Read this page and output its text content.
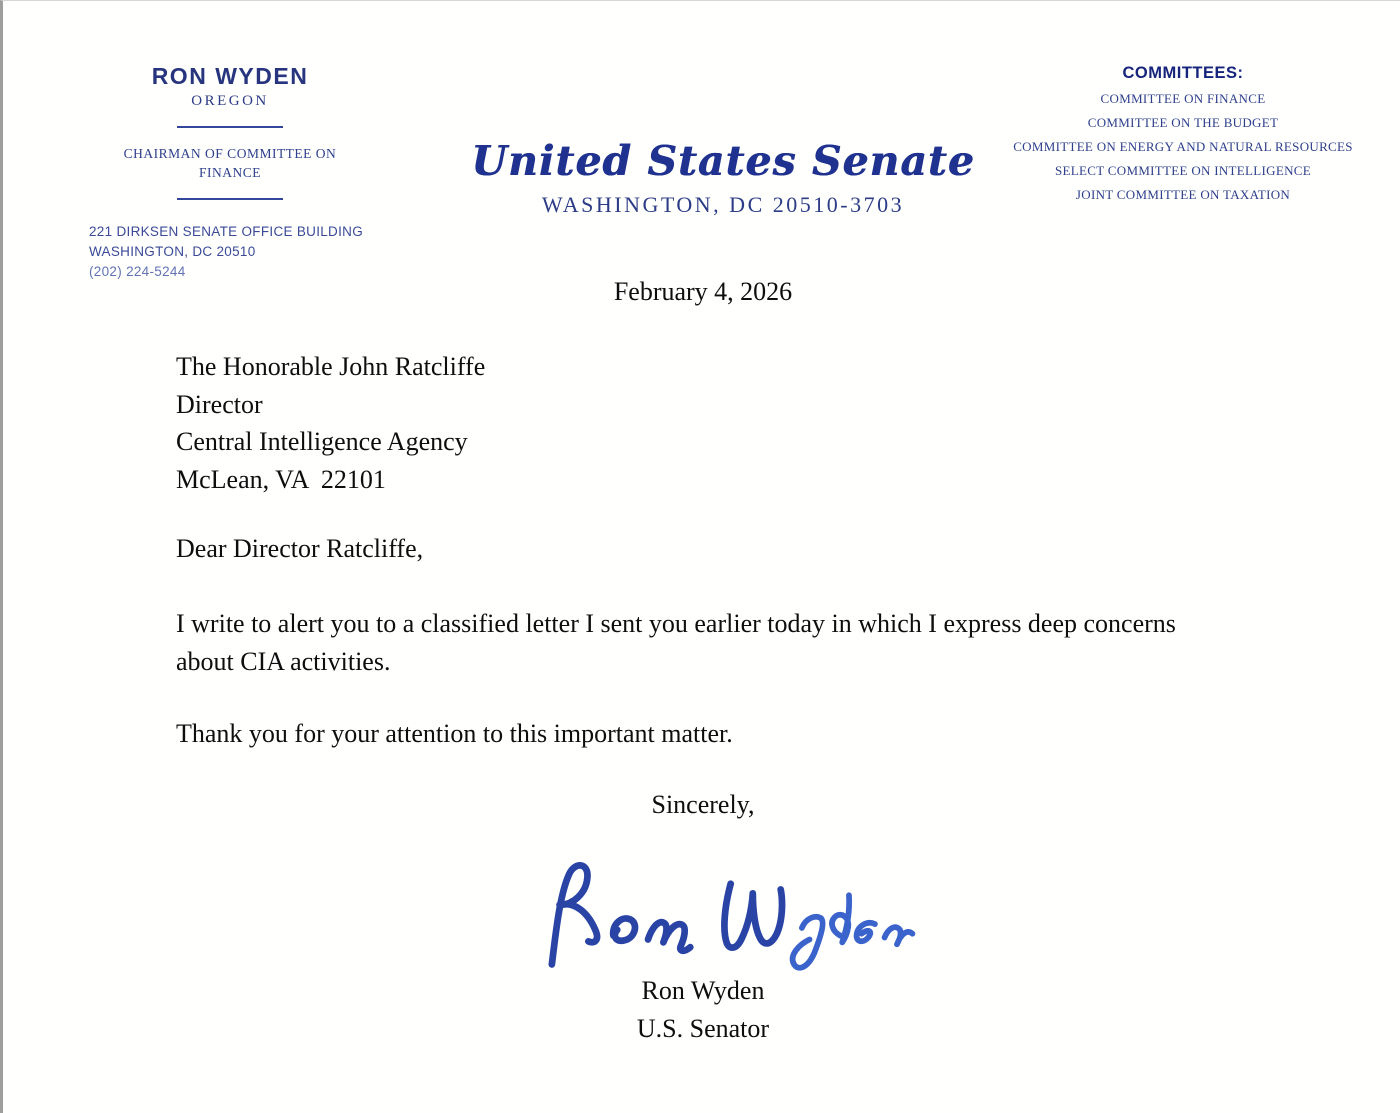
RON WYDEN
OREGON
CHAIRMAN OF COMMITTEE ON
FINANCE
221 DIRKSEN SENATE OFFICE BUILDING
WASHINGTON, DC 20510
(202) 224-5244
United States Senate
WASHINGTON, DC 20510-3703
COMMITTEES:
COMMITTEE ON FINANCE
COMMITTEE ON THE BUDGET
COMMITTEE ON ENERGY AND NATURAL RESOURCES
SELECT COMMITTEE ON INTELLIGENCE
JOINT COMMITTEE ON TAXATION
February 4, 2026
The Honorable John Ratcliffe
Director
Central Intelligence Agency
McLean, VA  22101
Dear Director Ratcliffe,
I write to alert you to a classified letter I sent you earlier today in which I express deep concerns about CIA activities.
Thank you for your attention to this important matter.
Sincerely,
Ron Wyden
U.S. Senator
